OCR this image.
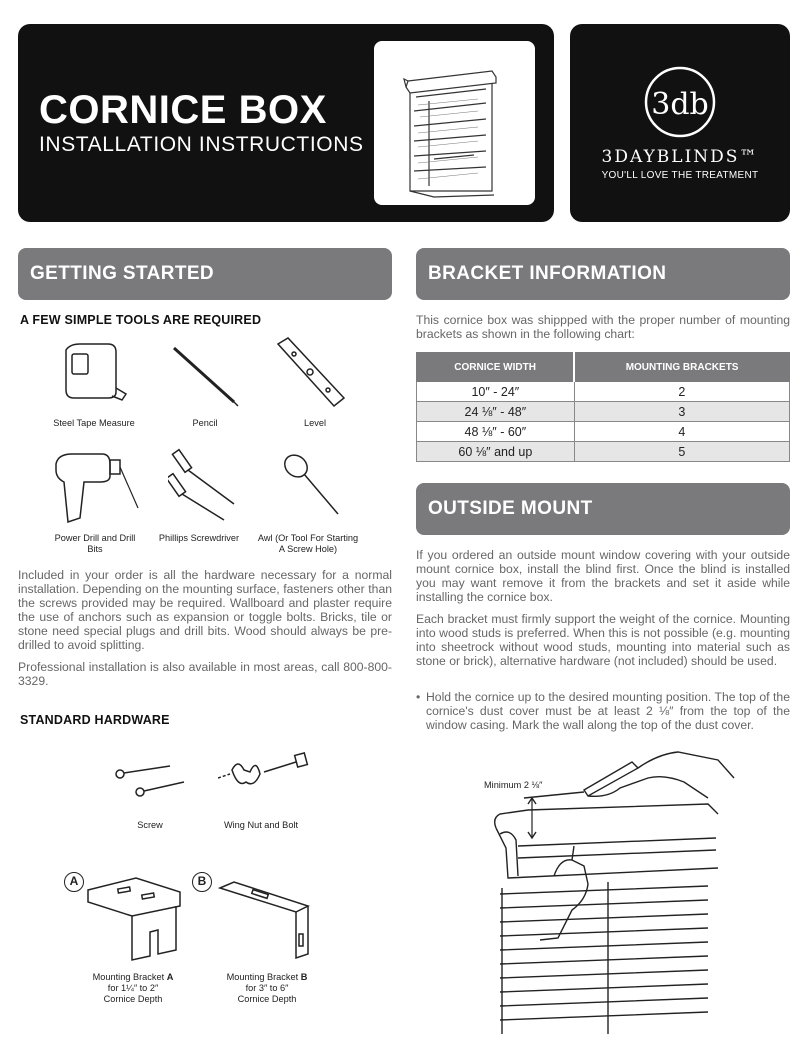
CORNICE BOX
INSTALLATION INSTRUCTIONS
3db
3DAYBLINDS™
YOU'LL LOVE THE TREATMENT
GETTING STARTED
A FEW SIMPLE TOOLS ARE REQUIRED
Steel Tape Measure	Pencil	Level
Power Drill and Drill Bits
Phillips Screwdriver	Awl (Or Tool For Starting A Screw Hole)
Included in your order is all the hardware necessary for a normal installation. Depending on the mounting surface, fasteners other than the screws provided may be required. Wallboard and plaster require the use of anchors such as expansion or toggle bolts. Bricks, tile or stone need special plugs and drill bits. Wood should always be pre-drilled to avoid splitting.
Professional installation is also available in most areas, call 800-800-3329.
STANDARD HARDWARE
Screw	Wing Nut and Bolt
A	B
Mounting Bracket A
for 1¼″ to 2″
Cornice Depth
Mounting Bracket B
for 3″ to 6″
Cornice Depth
BRACKET INFORMATION
This cornice box was shippped with the proper number of mounting brackets as shown in the following chart:
CORNICE WIDTH	MOUNTING BRACKETS
10″ - 24″	2
24 ⅛″ - 48″	3
48 ⅛″ - 60″	4
60 ⅛″ and up	5
OUTSIDE MOUNT
If you ordered an outside mount window covering with your outside mount cornice box, install the blind first. Once the blind is installed you may want remove it from the brackets and set it aside while installing the cornice box.
Each bracket must firmly support the weight of the cornice. Mounting into wood studs is preferred. When this is not possible (e.g. mounting into sheetrock without wood studs, mounting into material such as stone or brick), alternative hardware (not included) should be used.
• Hold the cornice up to the desired mounting position. The top of the cornice's dust cover must be at least 2 ⅛″ from the top of the window casing. Mark the wall along the top of the dust cover.
Minimum 2 ⅛″
